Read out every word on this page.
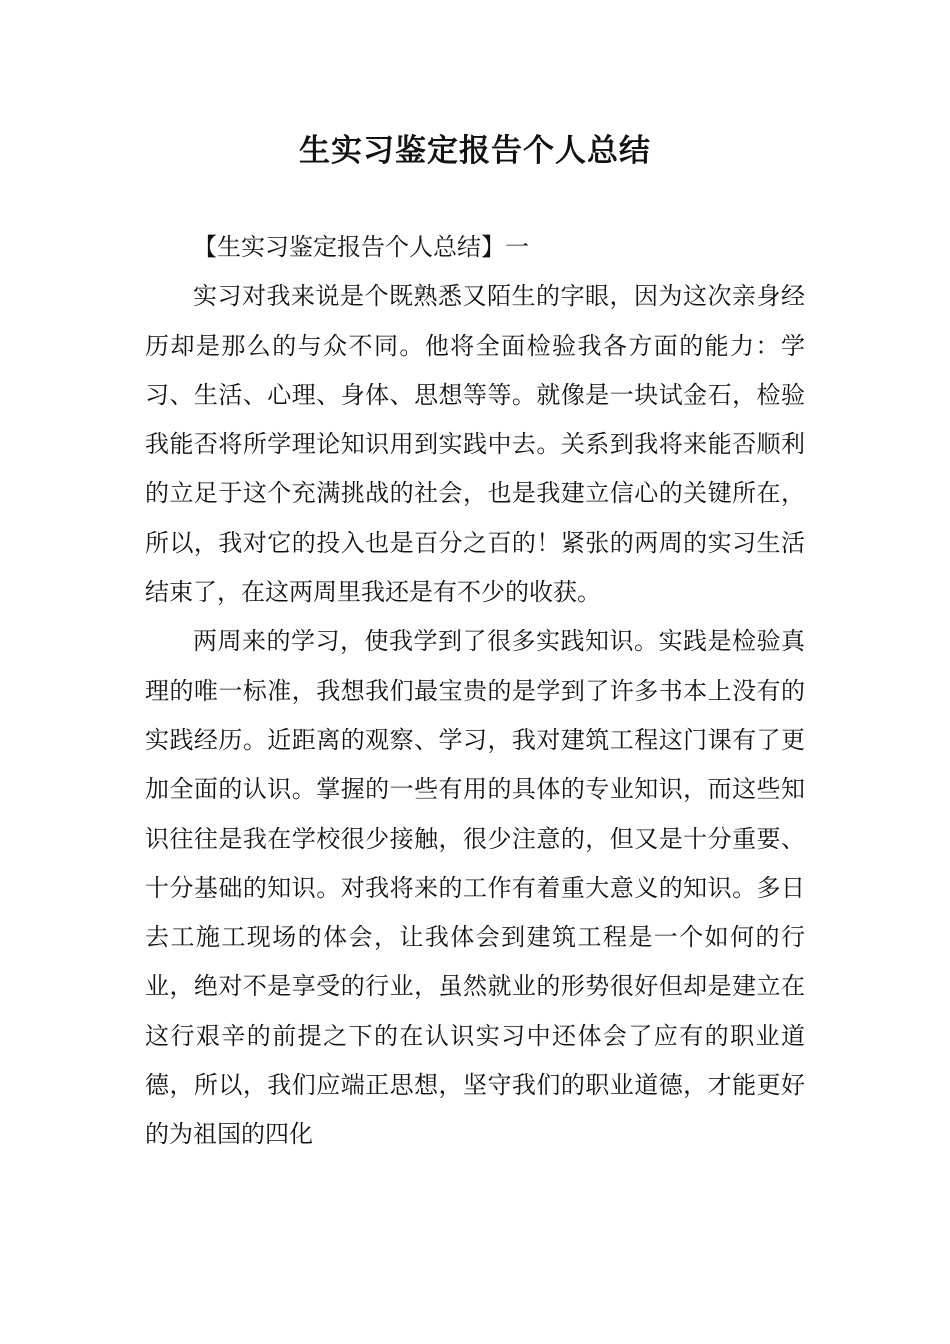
生实习鉴定报告个人总结

【生实习鉴定报告个人总结】一

实习对我来说是个既熟悉又陌生的字眼，因为这次亲身经历却是那么的与众不同。他将全面检验我各方面的能力：学习、生活、心理、身体、思想等等。就像是一块试金石，检验我能否将所学理论知识用到实践中去。关系到我将来能否顺利的立足于这个充满挑战的社会，也是我建立信心的关键所在，所以，我对它的投入也是百分之百的！紧张的两周的实习生活结束了，在这两周里我还是有不少的收获。

两周来的学习，使我学到了很多实践知识。实践是检验真理的唯一标准，我想我们最宝贵的是学到了许多书本上没有的实践经历。近距离的观察、学习，我对建筑工程这门课有了更加全面的认识。掌握的一些有用的具体的专业知识，而这些知识往往是我在学校很少接触，很少注意的，但又是十分重要、十分基础的知识。对我将来的工作有着重大意义的知识。多日去工施工现场的体会，让我体会到建筑工程是一个如何的行业，绝对不是享受的行业，虽然就业的形势很好但却是建立在这行艰辛的前提之下的在认识实习中还体会了应有的职业道德，所以，我们应端正思想，坚守我们的职业道德，才能更好的为祖国的四化
